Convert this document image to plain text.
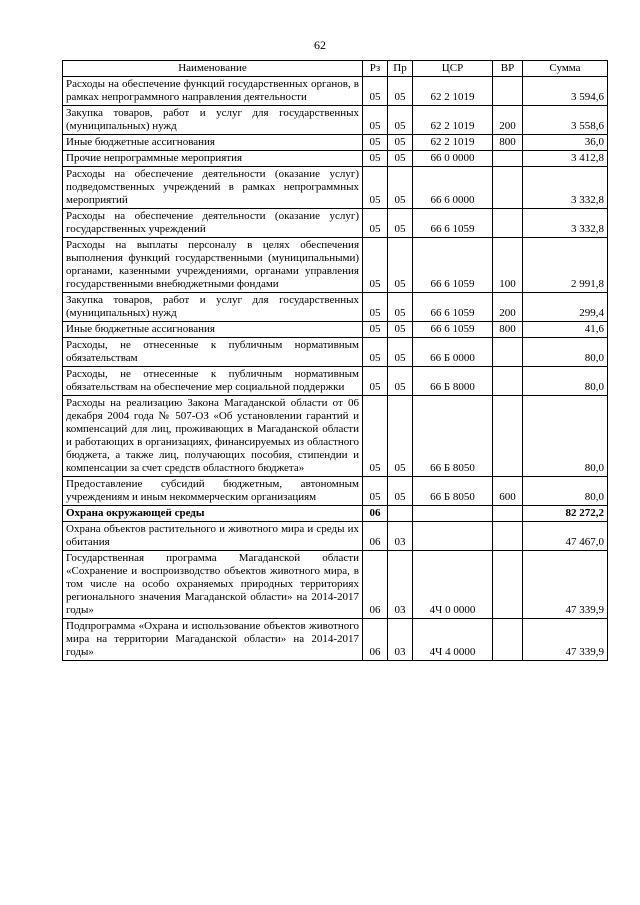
62
Наименование	Рз	Пр	ЦСР	ВР	Сумма
Расходы на обеспечение функций государственных органов, в рамках непрограммного направления деятельности	05	05	62 2 1019		3 594,6
Закупка товаров, работ и услуг для государственных (муниципальных) нужд	05	05	62 2 1019	200	3 558,6
Иные бюджетные ассигнования	05	05	62 2 1019	800	36,0
Прочие непрограммные мероприятия	05	05	66 0 0000		3 412,8
Расходы на обеспечение деятельности (оказание услуг) подведомственных учреждений в рамках непрограммных мероприятий	05	05	66 6 0000		3 332,8
Расходы на обеспечение деятельности (оказание услуг) государственных учреждений	05	05	66 6 1059		3 332,8
Расходы на выплаты персоналу в целях обеспечения выполнения функций государственными (муниципальными) органами, казенными учреждениями, органами управления государственными внебюджетными фондами	05	05	66 6 1059	100	2 991,8
Закупка товаров, работ и услуг для государственных (муниципальных) нужд	05	05	66 6 1059	200	299,4
Иные бюджетные ассигнования	05	05	66 6 1059	800	41,6
Расходы, не отнесенные к публичным нормативным обязательствам	05	05	66 Б 0000		80,0
Расходы, не отнесенные к публичным нормативным обязательствам на обеспечение мер социальной поддержки	05	05	66 Б 8000		80,0
Расходы на реализацию Закона Магаданской области от 06 декабря 2004 года № 507-ОЗ «Об установлении гарантий и компенсаций для лиц, проживающих в Магаданской области и работающих в организациях, финансируемых из областного бюджета, а также лиц, получающих пособия, стипендии и компенсации за счет средств областного бюджета»	05	05	66 Б 8050		80,0
Предоставление субсидий бюджетным, автономным учреждениям и иным некоммерческим организациям	05	05	66 Б 8050	600	80,0
Охрана окружающей среды	06				82 272,2
Охрана объектов растительного и животного мира и среды их обитания	06	03			47 467,0
Государственная программа Магаданской области «Сохранение и воспроизводство объектов животного мира, в том числе на особо охраняемых природных территориях регионального значения Магаданской области» на 2014-2017 годы»	06	03	4Ч 0 0000		47 339,9
Подпрограмма «Охрана и использование объектов животного мира на территории Магаданской области» на 2014-2017 годы»	06	03	4Ч 4 0000		47 339,9
